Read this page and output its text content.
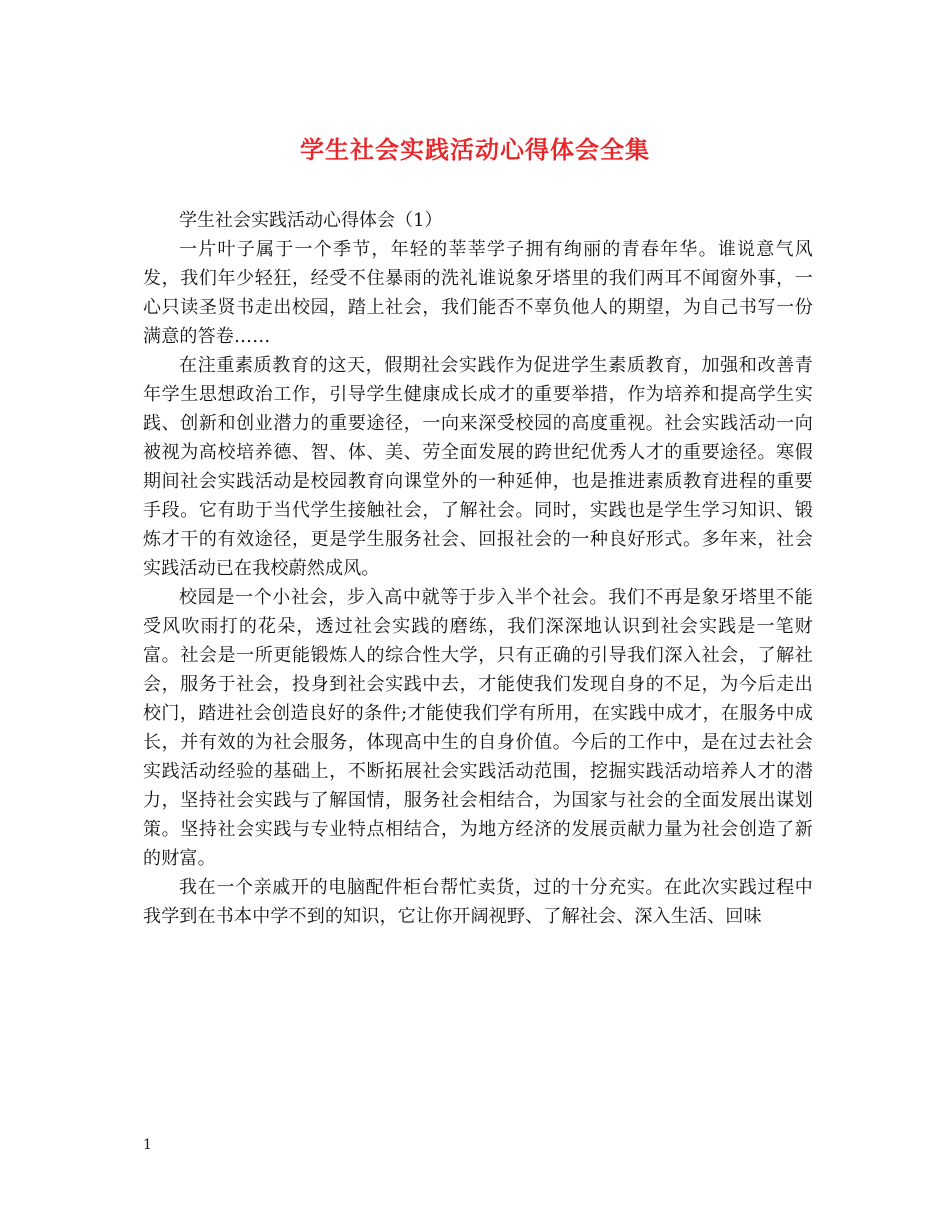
学生社会实践活动心得体会全集

学生社会实践活动心得体会（1）

一片叶子属于一个季节，年轻的莘莘学子拥有绚丽的青春年华。谁说意气风发，我们年少轻狂，经受不住暴雨的洗礼谁说象牙塔里的我们两耳不闻窗外事，一心只读圣贤书走出校园，踏上社会，我们能否不辜负他人的期望，为自己书写一份满意的答卷……

在注重素质教育的这天，假期社会实践作为促进学生素质教育，加强和改善青年学生思想政治工作，引导学生健康成长成才的重要举措，作为培养和提高学生实践、创新和创业潜力的重要途径，一向来深受校园的高度重视。社会实践活动一向被视为高校培养德、智、体、美、劳全面发展的跨世纪优秀人才的重要途径。寒假期间社会实践活动是校园教育向课堂外的一种延伸，也是推进素质教育进程的重要手段。它有助于当代学生接触社会，了解社会。同时，实践也是学生学习知识、锻炼才干的有效途径，更是学生服务社会、回报社会的一种良好形式。多年来，社会实践活动已在我校蔚然成风。

校园是一个小社会，步入高中就等于步入半个社会。我们不再是象牙塔里不能受风吹雨打的花朵，透过社会实践的磨练，我们深深地认识到社会实践是一笔财富。社会是一所更能锻炼人的综合性大学，只有正确的引导我们深入社会，了解社会，服务于社会，投身到社会实践中去，才能使我们发现自身的不足，为今后走出校门，踏进社会创造良好的条件;才能使我们学有所用，在实践中成才，在服务中成长，并有效的为社会服务，体现高中生的自身价值。今后的工作中，是在过去社会实践活动经验的基础上，不断拓展社会实践活动范围，挖掘实践活动培养人才的潜力，坚持社会实践与了解国情，服务社会相结合，为国家与社会的全面发展出谋划策。坚持社会实践与专业特点相结合，为地方经济的发展贡献力量为社会创造了新的财富。

我在一个亲戚开的电脑配件柜台帮忙卖货，过的十分充实。在此次实践过程中我学到在书本中学不到的知识，它让你开阔视野、了解社会、深入生活、回味

1
